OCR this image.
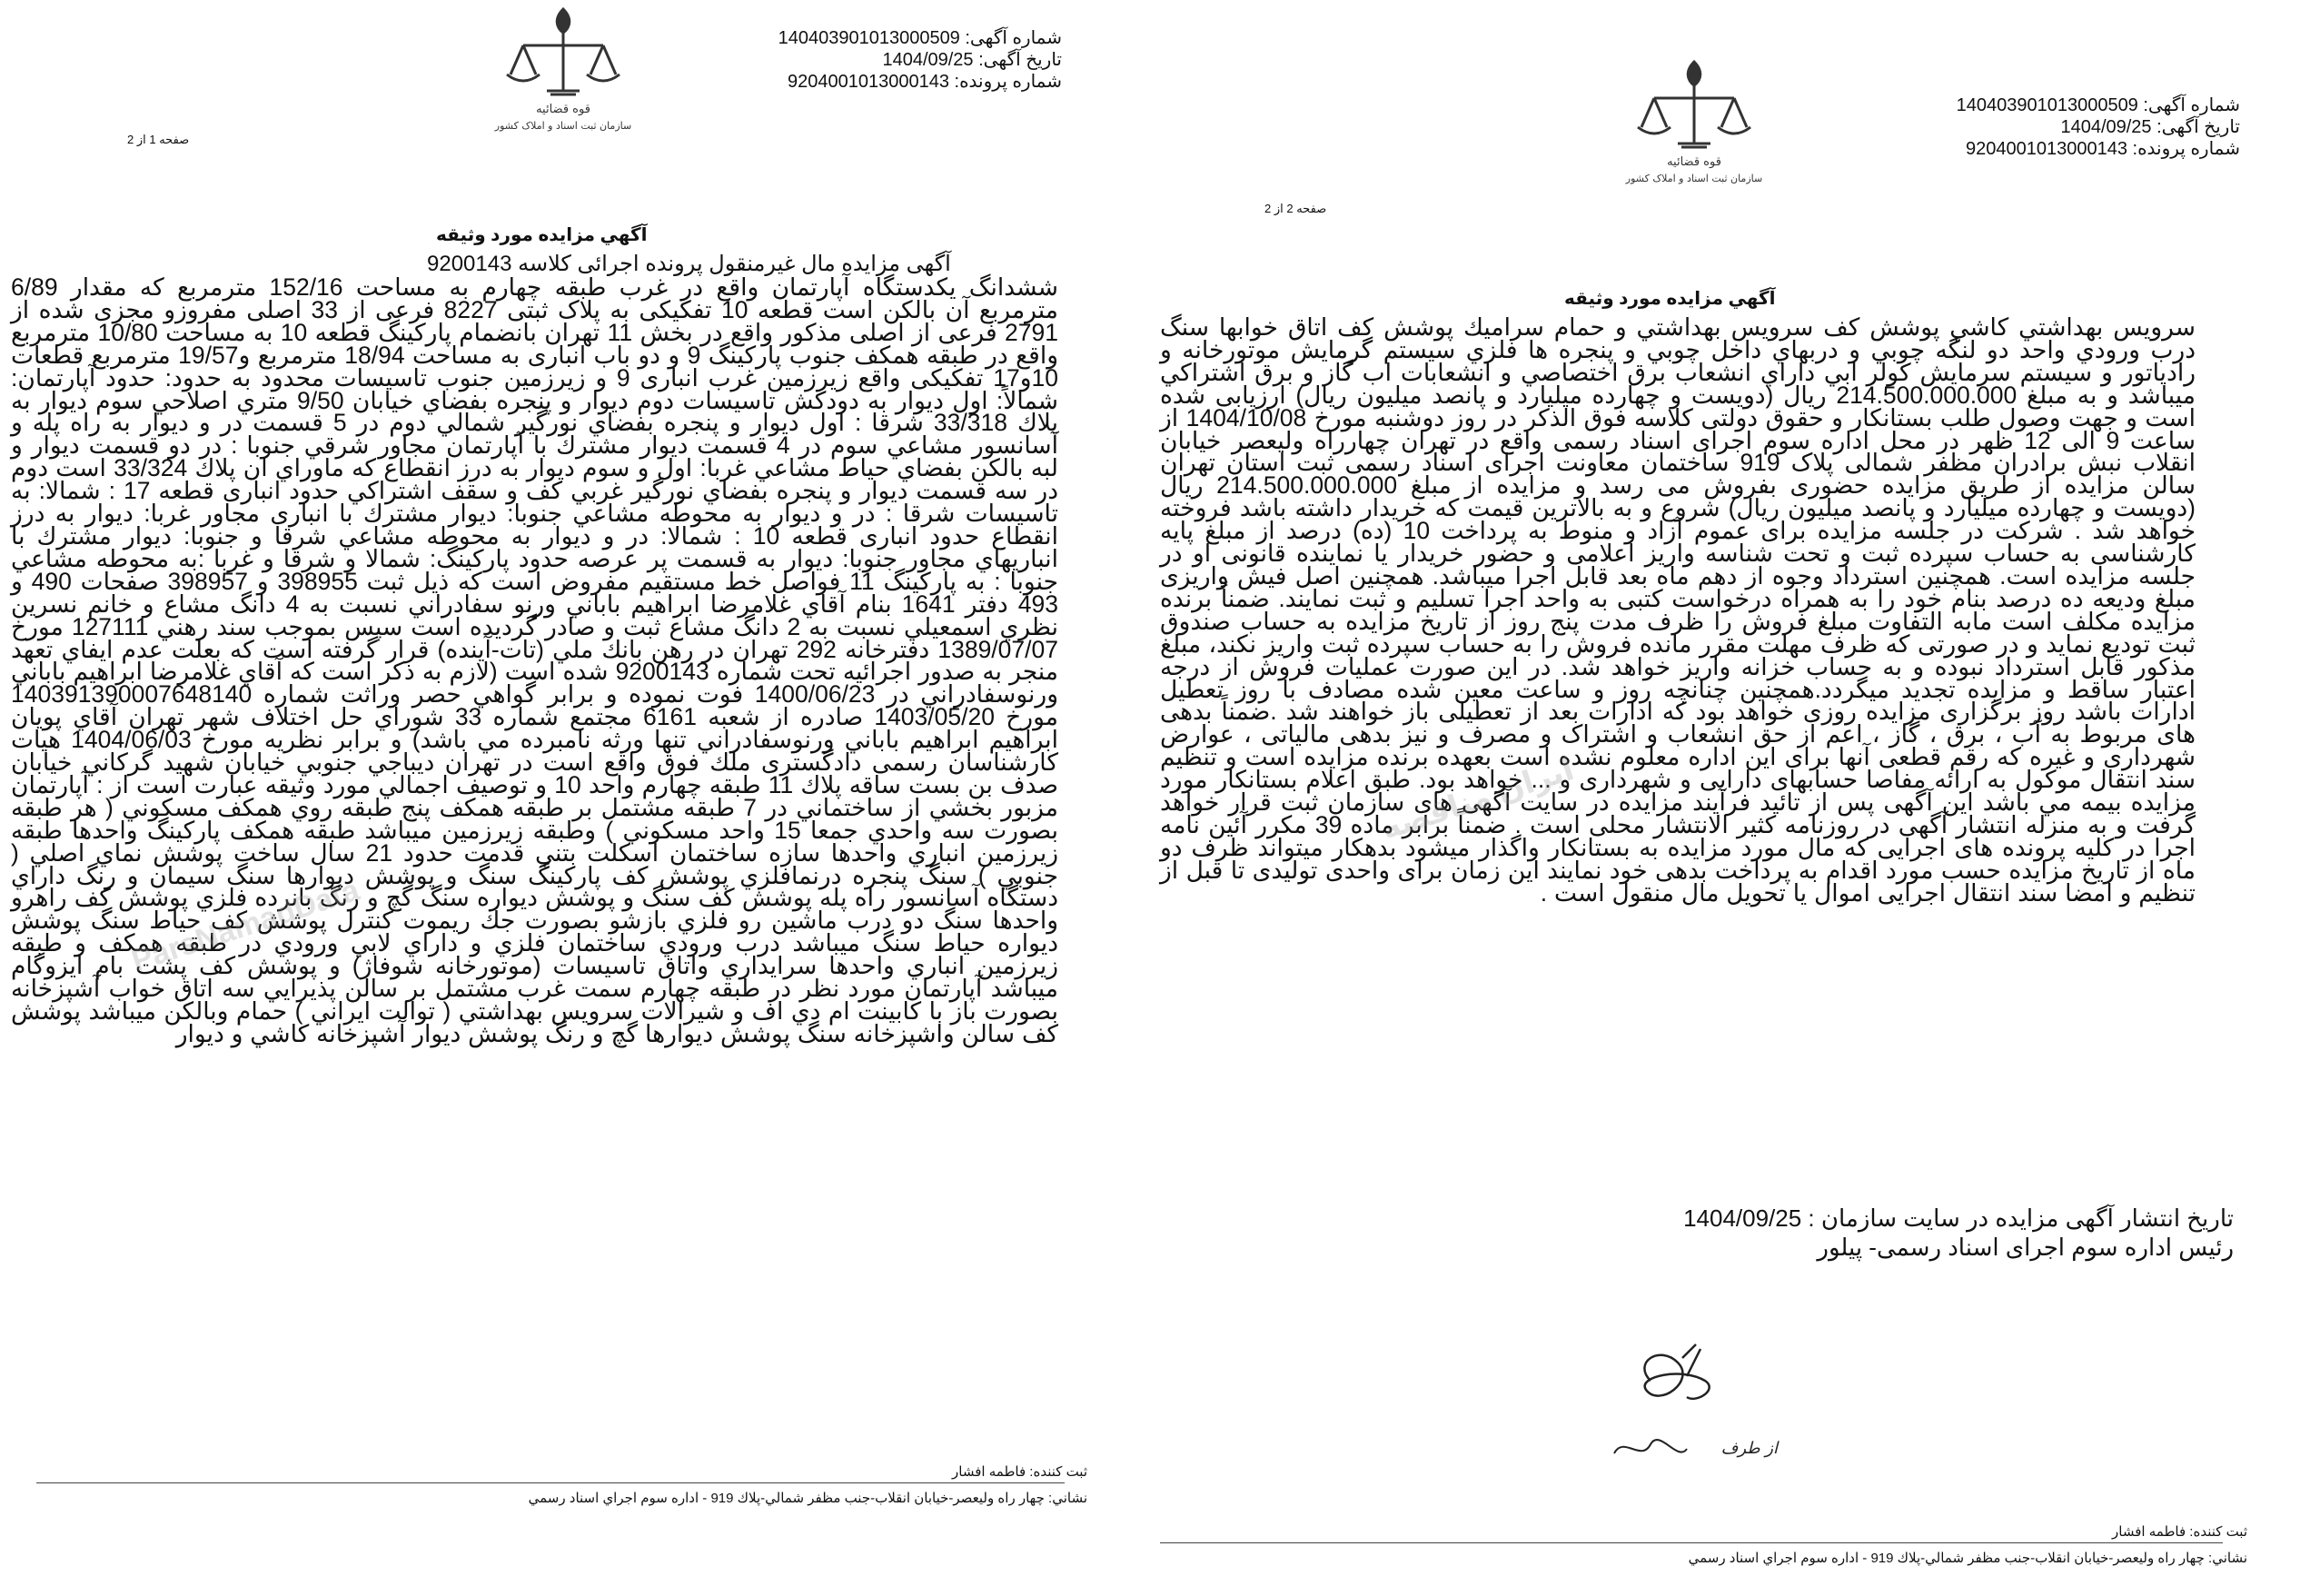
قوه قضائیه
سازمان ثبت اسناد و املاک کشور
شماره آگهی: 140403901013000509
تاریخ آگهی: 1404/09/25
شماره پرونده: 9204001013000143
صفحه 1 از 2
آگهي مزايده مورد وثيقه
آگهی مزایده مال غیرمنقول پرونده اجرائی کلاسه 9200143
ششدانگ يكدستگاه آپارتمان واقع در غرب طبقه چهارم به مساحت 152/16 مترمربع كه مقدار 6/89 مترمربع آن بالكن است قطعه 10 تفكيكى به پلاک ثبتی 8227 فرعی از 33 اصلی مفروزو مجزی شده از 2791 فرعی از اصلی مذكور واقع در بخش 11 تهران بانضمام پاركينگ قطعه 10 به مساحت 10/80 مترمربع واقع در طبقه همكف جنوب پاركينگ 9 و دو باب انباری به مساحت 18/94 مترمربع و19/57 مترمربع قطعات 10و17 تفكيكى واقع زيرزمين غرب انبارى 9 و زيرزمين جنوب تاسيسات محدود به حدود: حدود آپارتمان: شمالاً: اول ديوار به دودكش تاسيسات دوم ديوار و پنجره بفضاي خيابان 9/50 متري اصلاحي سوم ديوار به پلاك 33/318 شرقا : اول ديوار و پنجره بفضاي نورگير شمالي دوم در 5 قسمت در و ديوار به راه پله و آسانسور مشاعي سوم در 4 قسمت ديوار مشترك با آپارتمان مجاور شرقي جنوبا : در دو قسمت ديوار و لبه بالكن بفضاي حياط مشاعي غربا: اول و سوم ديوار به درز انقطاع كه ماوراي ان پلاك 33/324 است دوم در سه قسمت ديوار و پنجره بفضاي نورگير غربي كف و سقف اشتراكي حدود انباری قطعه 17 : شمالا: به تاسيسات شرقا : در و ديوار به محوطه مشاعي جنوبا: ديوار مشترك با انباری مجاور غربا: ديوار به درز انقطاع حدود انباری قطعه 10 : شمالا: در و ديوار به محوطه مشاعي شرقا و جنوبا: ديوار مشترك با انباريهاي مجاور جنوبا: ديوار به قسمت پر عرصه حدود پاركينگ: شمالا و شرقا و غربا :به محوطه مشاعي جنوبا : به پاركينگ 11 فواصل خط مستقيم مفروض است كه ذيل ثبت 398955 و 398957 صفحات 490 و 493 دفتر 1641 بنام آقاي غلامرضا ابراهيم باباني ورنو سفادراني نسبت به 4 دانگ مشاع و خانم نسرين نظري اسمعيلي نسبت به 2 دانگ مشاع ثبت و صادر گرديده است سپس بموجب سند رهني 127111 مورخ 1389/07/07 دفترخانه 292 تهران در رهن بانك ملي (تات-آينده) قرار گرفته است كه بعلت عدم ايفاي تعهد منجر به صدور اجرائيه تحت شماره 9200143 شده است (لازم به ذكر است كه آقاي غلامرضا ابراهيم باباني ورنوسفادراني در 1400/06/23 فوت نموده و برابر گواهي حصر وراثت شماره 14039139000764814‌0 مورخ 1403/05/20 صادره از شعبه 6161 مجتمع شماره 33 شوراي حل اختلاف شهر تهران آقاي پويان ابراهيم ابراهيم باباني ورنوسفادراني تنها ورثه نامبرده مي باشد) و برابر نظريه مورخ 1404/06/03 هيات كارشناسان رسمی دادگستری ملك فوق واقع است در تهران ديباجي جنوبي خيابان شهيد گركاني خيابان صدف بن بست ساقه پلاك 11 طبقه چهارم واحد 10 و توصيف اجمالي مورد وثيقه عبارت است از : آپارتمان مزبور بخشي از ساختماني در 7 طبقه مشتمل بر طبقه همكف پنج طبقه روي همكف مسكوني ( هر طبقه بصورت سه واحدي جمعا 15 واحد مسكوني ) وطبقه زيرزمين ميباشد طبقه همكف پاركينگ واحدها طبقه زيرزمين انباري واحدها سازه ساختمان اسكلت بتني قدمت حدود 21 سال ساخت پوشش نماي اصلي ( جنوبي ) سنگ پنجره درنمافلزي پوشش كف پاركينگ سنگ و پوشش ديوارها سنگ سيمان و رنگ داراي دستگاه آسانسور راه پله پوشش كف سنگ و پوشش ديواره سنگ گچ و رنگ بانرده فلزي پوشش كف راهرو واحدها سنگ دو درب ماشين رو فلزي بازشو بصورت جك ريموت كنترل پوشش كف حياط سنگ پوشش ديواره حياط سنگ ميباشد درب ورودي ساختمان فلزي و داراي لابي ورودي در طبقه همكف و طبقه زيرزمين انباري واحدها سرايداري واتاق تاسيسات (موتورخانه شوفاژ) و پوشش كف پشت بام ايزوگام ميباشد آپارتمان مورد نظر در طبقه چهارم سمت غرب مشتمل بر سالن پذيرايي سه اتاق خواب آشپزخانه بصورت باز با كابينت ام دي اف و شيرالات سرويس بهداشتي ( توالت ايراني ) حمام وبالكن ميباشد پوشش كف سالن واشپزخانه سنگ پوشش ديوارها گچ و رنگ پوشش ديوار آشپزخانه كاشي و ديوار
ثبت كننده: فاطمه افشار
نشاني: چهار راه وليعصر-خيابان انقلاب-جنب مظفر شمالي-پلاك 919 - اداره سوم اجراي اسناد رسمي
ParsNamadData
قوه قضائیه
سازمان ثبت اسناد و املاک کشور
شماره آگهی: 140403901013000509
تاریخ آگهی: 1404/09/25
شماره پرونده: 9204001013000143
صفحه 2 از 2
آگهي مزايده مورد وثيقه
سرويس بهداشتي كاشي پوشش كف سرويس بهداشتي و حمام سراميك پوشش كف اتاق خوابها سنگ درب ورودي واحد دو لنگه چوبي و دربهاي داخل چوبي و پنجره ها فلزي سيستم گرمايش موتورخانه و رادياتور و سيستم سرمايش كولر ابي داراي انشعاب برق اختصاصي و انشعابات اب گاز و برق اشتراكي ميباشد و به مبلغ 214.500.000.000 ريال (دويست و چهارده ميليارد و پانصد ميليون ريال) ارزيابی شده است و جهت وصول طلب بستانكار و حقوق دولتی كلاسه فوق الذكر در روز دوشنبه مورخ 1404/10/08 از ساعت 9 الی 12 ظهر در محل اداره سوم اجرای اسناد رسمی واقع در تهران چهارراه وليعصر خيابان انقلاب نبش برادران مظفر شمالی پلاک 919 ساختمان معاونت اجرای اسناد رسمی ثبت استان تهران سالن مزايده از طريق مزايده حضوری بفروش می رسد و مزايده از مبلغ 214.500.000.000 ريال (دويست و چهارده ميليارد و پانصد ميليون ريال) شروع و به بالاترين قيمت كه خريدار داشته باشد فروخته خواهد شد . شركت در جلسه مزايده برای عموم آزاد و منوط به پرداخت 10 (ده) درصد از مبلغ پايه كارشناسی به حساب سپرده ثبت و تحت شناسه واريز اعلامی و حضور خريدار يا نماينده قانونی او در جلسه مزايده است. همچنين استرداد وجوه از دهم ماه بعد قابل اجرا ميباشد. همچنين اصل فيش واريزی مبلغ وديعه ده درصد بنام خود را به همراه درخواست كتبی به واحد اجرا تسليم و ثبت نمايند. ضمناً برنده مزايده مكلف است مابه التفاوت مبلغ فروش را ظرف مدت پنج روز از تاريخ مزايده به حساب صندوق ثبت توديع نمايد و در صورتی كه ظرف مهلت مقرر مانده فروش را به حساب سپرده ثبت واريز نكند، مبلغ مذكور قابل استرداد نبوده و به حساب خزانه واريز خواهد شد. در اين صورت عمليات فروش از درجه اعتبار ساقط و مزايده تجديد ميگردد.همچنين چنانچه روز و ساعت معين شده مصادف با روز تعطيل ادارات باشد روز برگزاری مزايده روزی خواهد بود كه ادارات بعد از تعطيلی باز خواهند شد .ضمناً بدهی های مربوط به آب ، برق ، گاز ، اعم از حق انشعاب و اشتراک و مصرف و نيز بدهی مالياتی ، عوارض شهرداری و غيره كه رقم قطعی آنها برای اين اداره معلوم نشده است بعهده برنده مزايده است و تنظيم سند انتقال موكول به ارائه مفاصا حسابهای دارايی و شهرداری و ... خواهد بود. طبق اعلام بستانكار مورد مزايده بيمه مي باشد اين آگهی پس از تائيد فرآيند مزايده در سايت آگهی های سازمان ثبت قرار خواهد گرفت و به منزله انتشار آگهی در روزنامه كثير الانتشار محلی است . ضمناً برابر ماده 39 مكرر آئين نامه اجرا در كليه پرونده های اجرايی كه مال مورد مزايده به بستانكار واگذار ميشود بدهكار ميتواند ظرف دو ماه از تاريخ مزايده حسب مورد اقدام به پرداخت بدهی خود نمايند اين زمان برای واحدی توليدی تا قبل از تنظيم و امضا سند انتقال اجرايی اموال يا تحويل مال منقول است .
تاریخ انتشار آگهی مزایده در سایت سازمان : 1404/09/25
رئيس اداره سوم اجرای اسناد رسمی- پيلور
از طرف
ثبت كننده: فاطمه افشار
نشاني: چهار راه وليعصر-خيابان انقلاب-جنب مظفر شمالي-پلاك 919 - اداره سوم اجراي اسناد رسمي
ایران مناقصه
